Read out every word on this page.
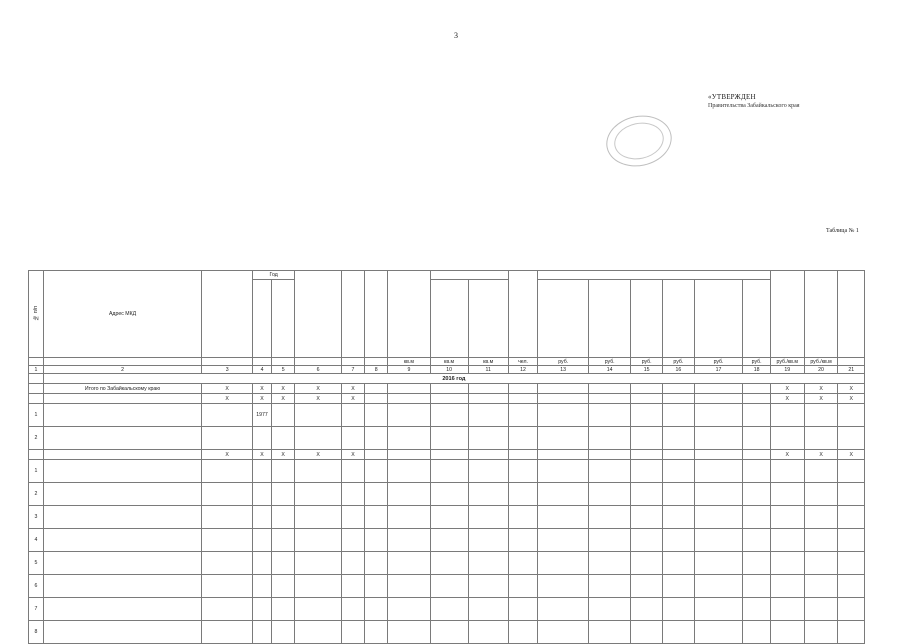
3
«УТВЕРЖДЕН
Правительства Забайкальского края
Таблица № 1
№ п/п	Адрес МКД		Год																	

								кв.м	кв.м	кв.м	чел.	руб.	руб.	руб.	руб.	руб.	руб.	руб./кв.м	руб./кв.м	
1	2	3	4	5	6	7	8	9	10	11	12	13	14	15	16	17	18	19	20	21
	2016 год																			
	Итого по Забайкальскому краю	X	X	X	X	X												X	X	X
		X	X	X	X	X												X	X	X
1			1977																	
2																				
		X	X	X	X	X												X	X	X
1																				
2																				
3																				
4																				
5																				
6																				
7																				
8																				
